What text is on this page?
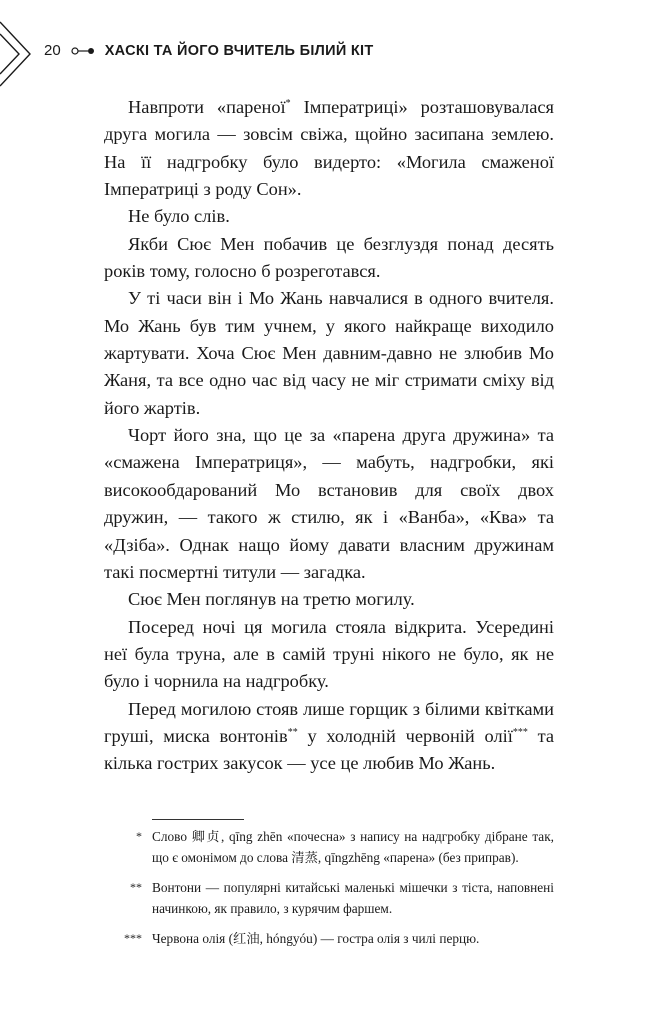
20	ХАСКІ ТА ЙОГО ВЧИТЕЛЬ БІЛИЙ КІТ

Навпроти «пареної* Імператриці» розташовувалася друга могила — зовсім свіжа, щойно засипана землею. На її надгробку було видерто: «Могила смаженої Імператриці з роду Сон».

Не було слів.

Якби Сює Мен побачив це безглуздя понад десять років тому, голосно б розреготався.

У ті часи він і Мо Жань навчалися в одного вчителя. Мо Жань був тим учнем, у якого найкраще виходило жартувати. Хоча Сює Мен давним-давно не злюбив Мо Жаня, та все одно час від часу не міг стримати сміху від його жартів.

Чорт його зна, що це за «парена друга дружина» та «смажена Імператриця», — мабуть, надгробки, які високообдарований Мо встановив для своїх двох дружин, — такого ж стилю, як і «Ванба», «Ква» та «Дзіба». Однак нащо йому давати власним дружинам такі посмертні титули — загадка.

Сює Мен поглянув на третю могилу.

Посеред ночі ця могила стояла відкрита. Усередині неї була труна, але в самій труні нікого не було, як не було і чорнила на надгробку.

Перед могилою стояв лише горщик з білими квітками груші, миска вонтонів** у холодній червоній олії*** та кілька гострих закусок — усе це любив Мо Жань.

* Слово 卿贞, qīng zhēn «почесна» з напису на надгробку дібране так, що є омонімом до слова 清蒸, qīngzhēng «парена» (без приправ).
** Вонтони — популярні китайські маленькі мішечки з тіста, наповнені начинкою, як правило, з курячим фаршем.
*** Червона олія (红油, hóngyóu) — гостра олія з чилі перцю.
